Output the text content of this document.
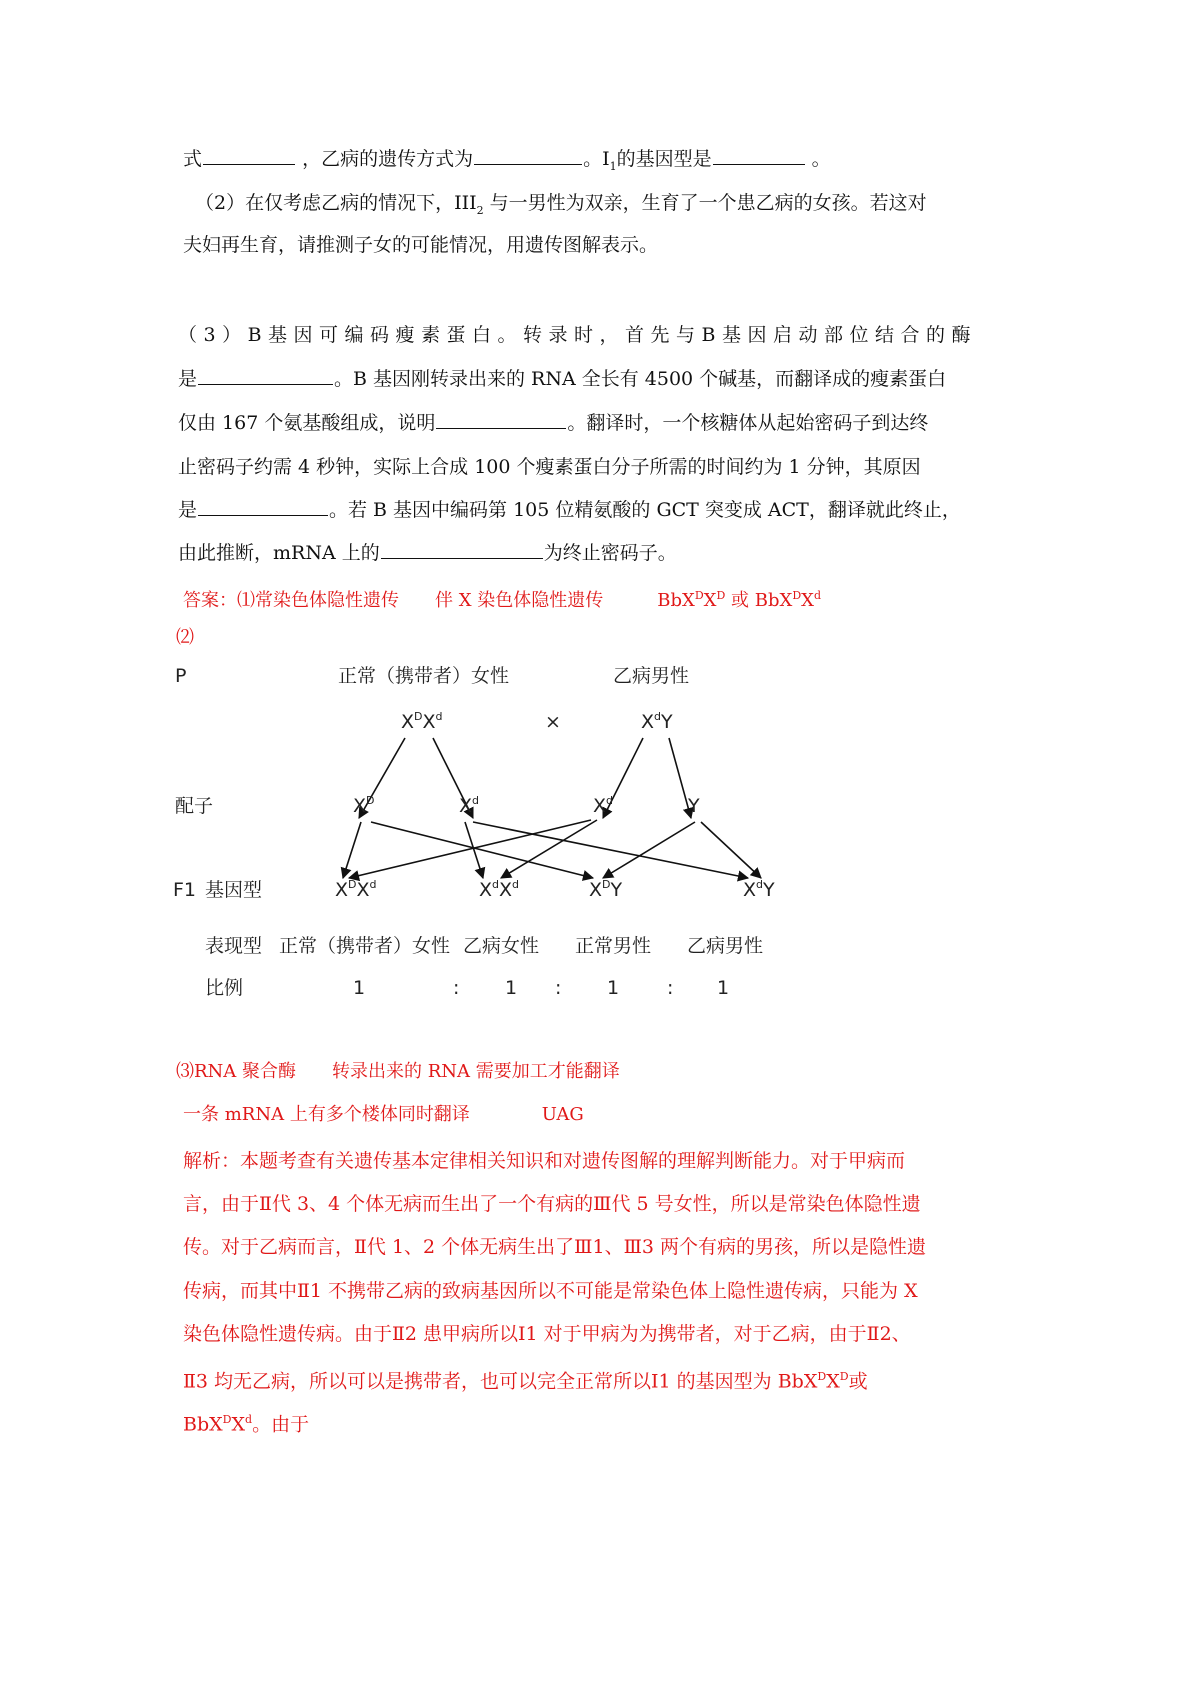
式	，乙病的遗传方式为	。$I_1$的基因型是	。
（2）在仅考虑乙病的情况下，$III_2$ 与一男性为双亲，生育了一个患乙病的女孩。若这对
夫妇再生育，请推测子女的可能情况，用遗传图解表示。
（3）B基因可编码瘦素蛋白。转录时，首先与B基因启动部位结合的酶
是	。B 基因刚转录出来的 RNA 全长有 4500 个碱基，而翻译成的瘦素蛋白
仅由 167 个氨基酸组成，说明	。翻译时，一个核糖体从起始密码子到达终
止密码子约需 4 秒钟，实际上合成 100 个瘦素蛋白分子所需的时间约为 1 分钟，其原因
是	。若 B 基因中编码第 105 位精氨酸的 GCT 突变成 ACT，翻译就此终止，
由此推断，mRNA 上的	为终止密码子。
答案：⑴常染色体隐性遗传　　伴 X 染色体隐性遗传　　　$BbX^DX^D$ 或 $BbX^DX^d$
⑵
P	正常（携带者）女性	乙病男性
$X^DX^d$	×	$X^dY$
配子	$X^D$	$X^d$	$X^d$	Y
F1 基因型	$X^DX^d$	$X^dX^d$	$X^DY$	$X^dY$
表现型 正常（携带者）女性 乙病女性 正常男性 乙病男性
比例	1	: 1 : 1	: 1
⑶RNA 聚合酶　　转录出来的 RNA 需要加工才能翻译
一条 mRNA 上有多个楼体同时翻译　　　　UAG
解析：本题考查有关遗传基本定律相关知识和对遗传图解的理解判断能力。对于甲病而
言，由于Ⅱ代 3、4 个体无病而生出了一个有病的Ⅲ代 5 号女性，所以是常染色体隐性遗
传。对于乙病而言，Ⅱ代 1、2 个体无病生出了Ⅲ1、Ⅲ3 两个有病的男孩，所以是隐性遗
传病，而其中Ⅱ1 不携带乙病的致病基因所以不可能是常染色体上隐性遗传病，只能为 X
染色体隐性遗传病。由于Ⅱ2 患甲病所以Ⅰ1 对于甲病为为携带者，对于乙病，由于Ⅱ2、
Ⅱ3 均无乙病，所以可以是携带者，也可以完全正常所以Ⅰ1 的基因型为 $BbX^DX^D$或
$BbX^DX^d$。由于
